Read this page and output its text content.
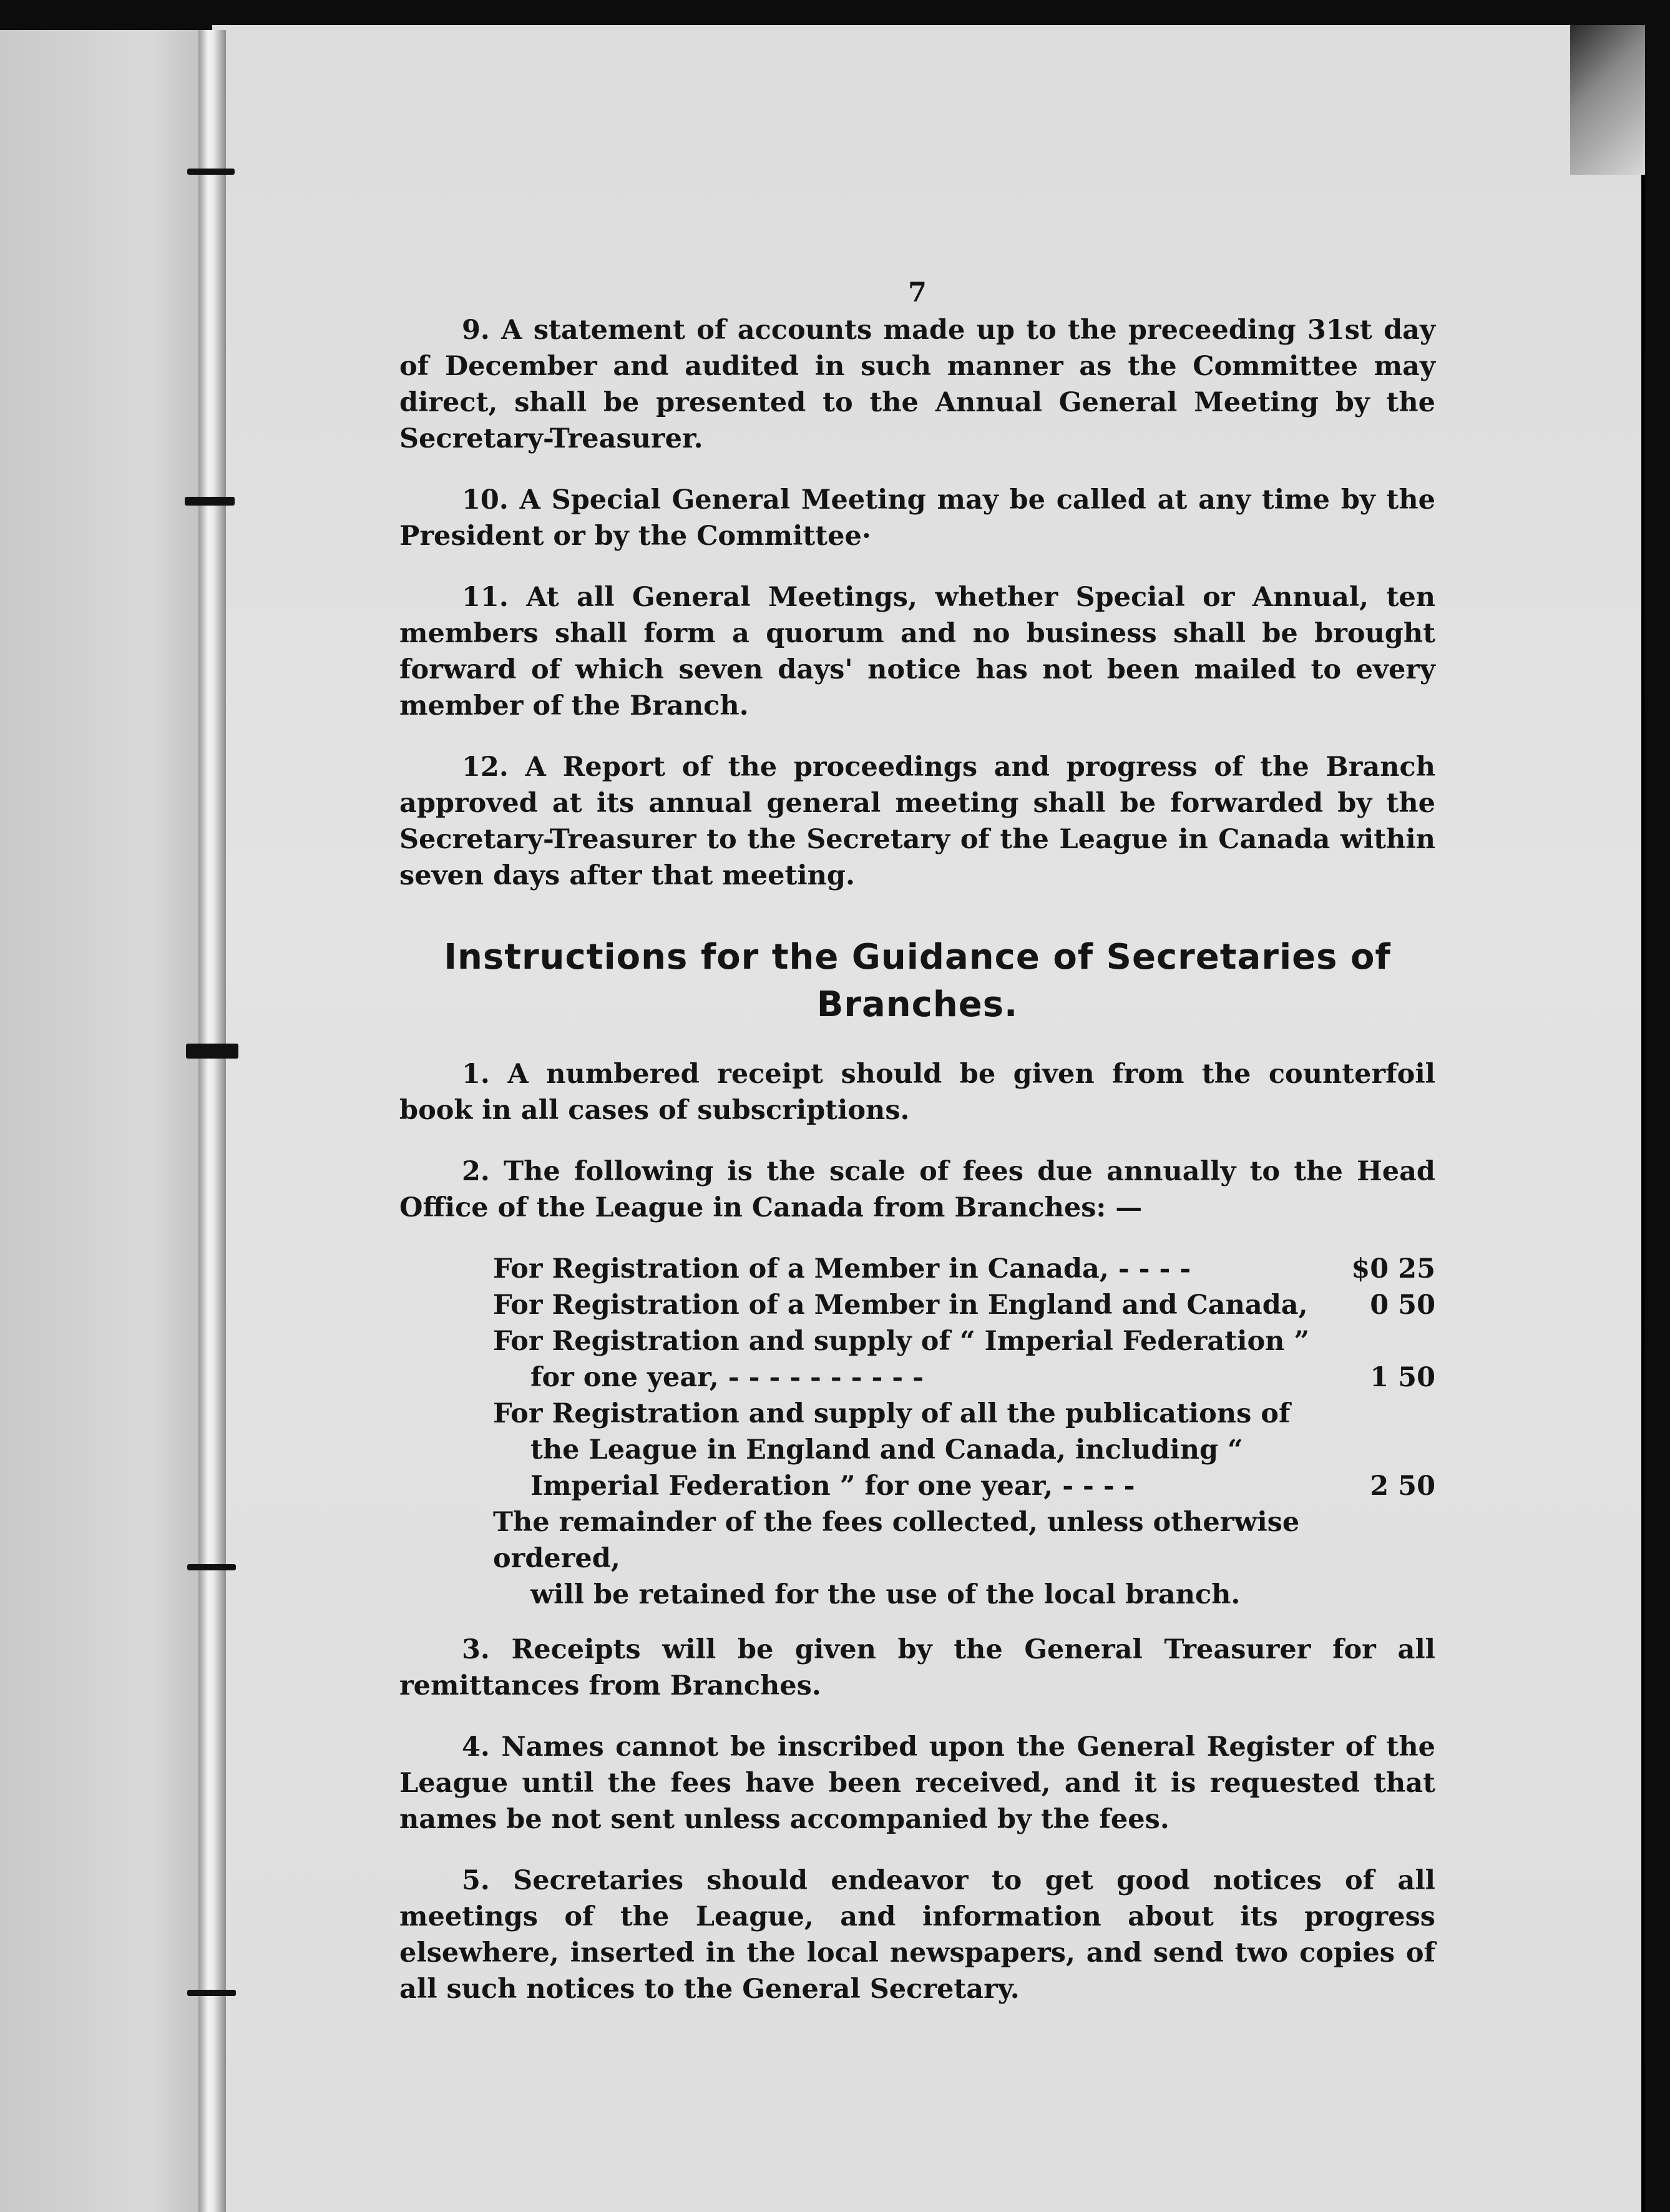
7

9. A statement of accounts made up to the preceeding 31st day of December and audited in such manner as the Committee may direct, shall be presented to the Annual General Meeting by the Secretary-Treasurer.

10. A Special General Meeting may be called at any time by the President or by the Committee·

11. At all General Meetings, whether Special or Annual, ten members shall form a quorum and no business shall be brought forward of which seven days' notice has not been mailed to every member of the Branch.

12. A Report of the proceedings and progress of the Branch approved at its annual general meeting shall be forwarded by the Secretary-Treasurer to the Secretary of the League in Canada within seven days after that meeting.

Instructions for the Guidance of Secretaries of Branches.

1. A numbered receipt should be given from the counterfoil book in all cases of subscriptions.

2. The following is the scale of fees due annually to the Head Office of the League in Canada from Branches: —

For Registration of a Member in Canada, - - - -	$0 25
For Registration of a Member in England and Canada,	0 50
For Registration and supply of “ Imperial Federation ”
for one year, - - - - - - - - - -	1 50
For Registration and supply of all the publications of
the League in England and Canada, including “ Imperial Federation ” for one year, - - - -	2 50
The remainder of the fees collected, unless otherwise ordered,
will be retained for the use of the local branch.

3. Receipts will be given by the General Treasurer for all remittances from Branches.

4. Names cannot be inscribed upon the General Register of the League until the fees have been received, and it is requested that names be not sent unless accompanied by the fees.

5. Secretaries should endeavor to get good notices of all meetings of the League, and information about its progress elsewhere, inserted in the local newspapers, and send two copies of all such notices to the General Secretary.
